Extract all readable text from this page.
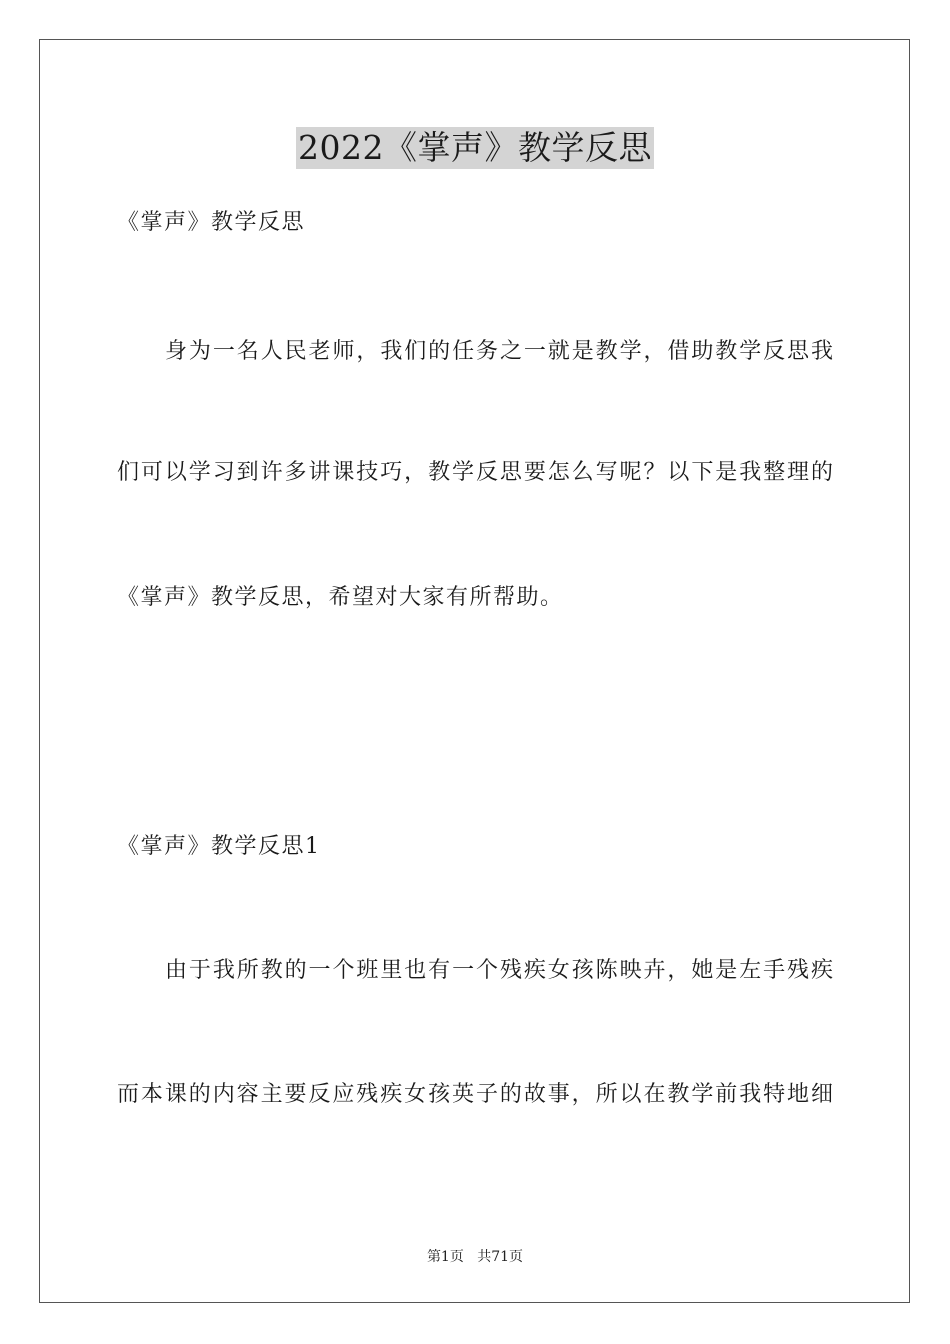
2022《掌声》教学反思

《掌声》教学反思

身为一名人民老师，我们的任务之一就是教学，借助教学反思我

们可以学习到许多讲课技巧，教学反思要怎么写呢？以下是我整理的

《掌声》教学反思，希望对大家有所帮助。

《掌声》教学反思1

由于我所教的一个班里也有一个残疾女孩陈映卉，她是左手残疾

而本课的内容主要反应残疾女孩英子的故事，所以在教学前我特地细

第1页 共71页
